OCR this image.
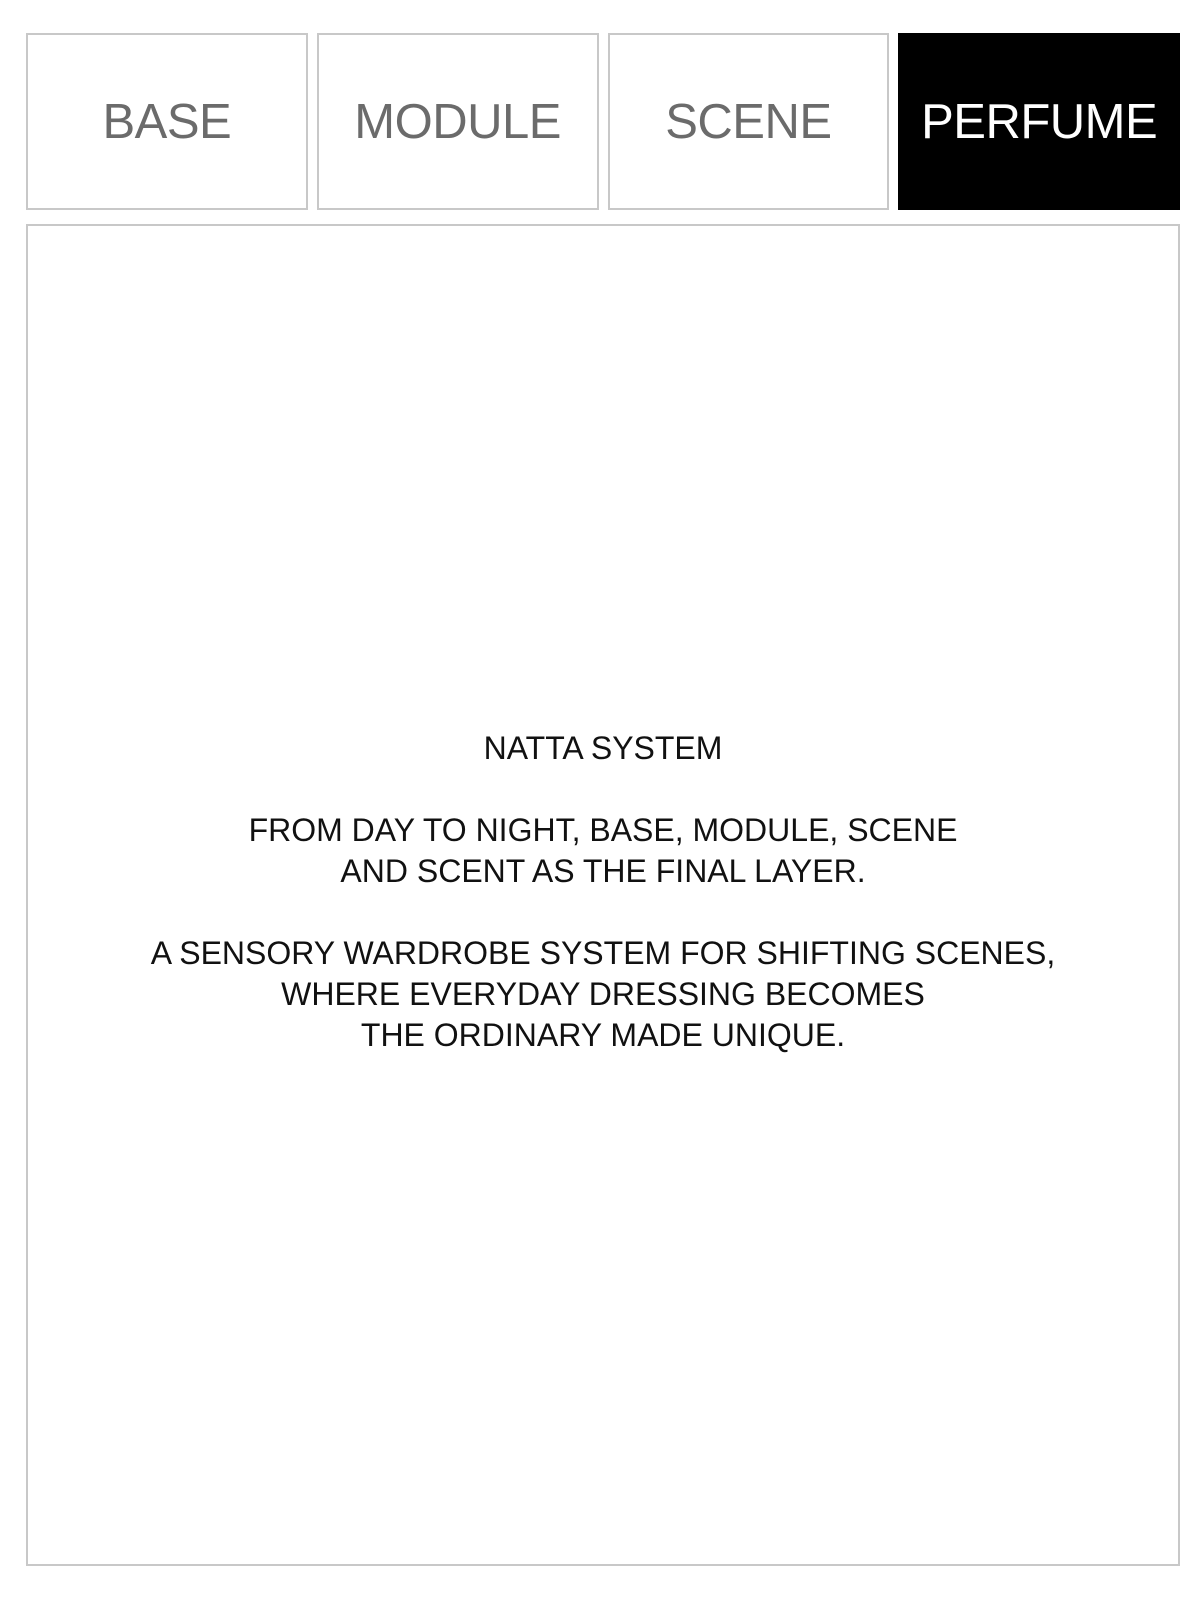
BASE	MODULE SCENE PERFUME

NATTA SYSTEM

FROM DAY TO NIGHT, BASE, MODULE, SCENE
AND SCENT AS THE FINAL LAYER.

A SENSORY WARDROBE SYSTEM FOR SHIFTING SCENES,
WHERE EVERYDAY DRESSING BECOMES
THE ORDINARY MADE UNIQUE.
